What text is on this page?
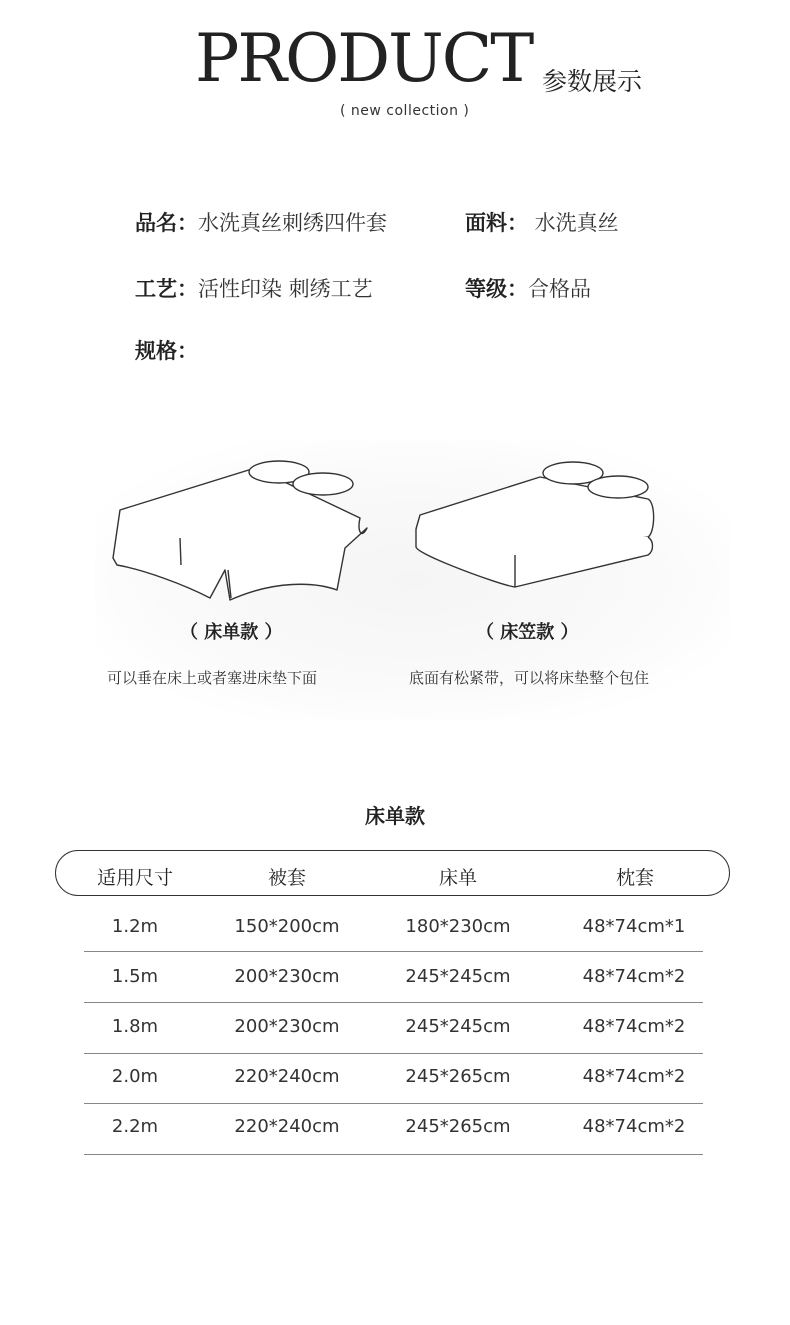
PRODUCT
( new collection )
参数展示
品名：水洗真丝刺绣四件套	面料： 水洗真丝
工艺：活性印染 刺绣工艺	等级：合格品
规格：
（ 床单款 ）	（ 床笠款 ）
可以垂在床上或者塞进床垫下面	底面有松紧带，可以将床垫整个包住
床单款
适用尺寸	被套	床单	枕套
1.2m	150*200cm	180*230cm	48*74cm*1
1.5m	200*230cm	245*245cm	48*74cm*2
1.8m	200*230cm	245*245cm	48*74cm*2
2.0m	220*240cm	245*265cm	48*74cm*2
2.2m	220*240cm	245*265cm	48*74cm*2
